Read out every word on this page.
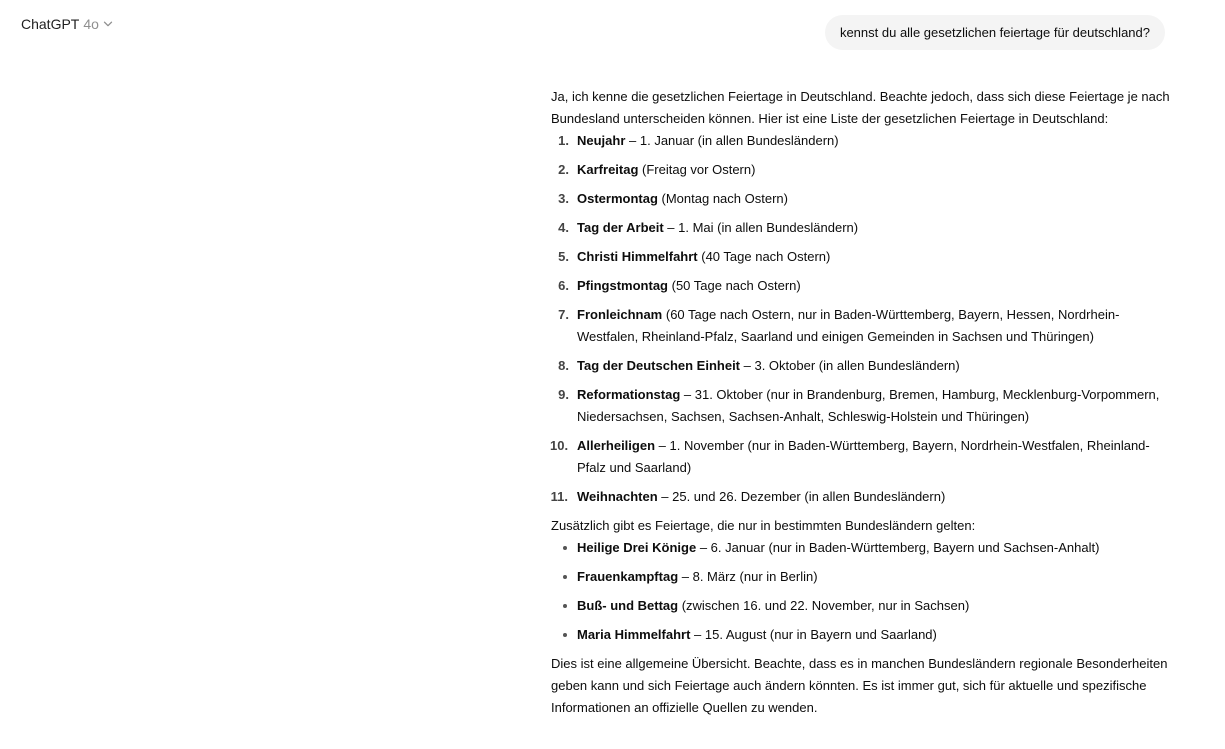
ChatGPT 4o
kennst du alle gesetzlichen feiertage für deutschland?

Ja, ich kenne die gesetzlichen Feiertage in Deutschland. Beachte jedoch, dass sich diese Feiertage je nach Bundesland unterscheiden können. Hier ist eine Liste der gesetzlichen Feiertage in Deutschland:

1. Neujahr – 1. Januar (in allen Bundesländern)
2. Karfreitag (Freitag vor Ostern)
3. Ostermontag (Montag nach Ostern)
4. Tag der Arbeit – 1. Mai (in allen Bundesländern)
5. Christi Himmelfahrt (40 Tage nach Ostern)
6. Pfingstmontag (50 Tage nach Ostern)
7. Fronleichnam (60 Tage nach Ostern, nur in Baden-Württemberg, Bayern, Hessen, Nordrhein-Westfalen, Rheinland-Pfalz, Saarland und einigen Gemeinden in Sachsen und Thüringen)
8. Tag der Deutschen Einheit – 3. Oktober (in allen Bundesländern)
9. Reformationstag – 31. Oktober (nur in Brandenburg, Bremen, Hamburg, Mecklenburg-Vorpommern, Niedersachsen, Sachsen, Sachsen-Anhalt, Schleswig-Holstein und Thüringen)
10. Allerheiligen – 1. November (nur in Baden-Württemberg, Bayern, Nordrhein-Westfalen, Rheinland-Pfalz und Saarland)
11. Weihnachten – 25. und 26. Dezember (in allen Bundesländern)

Zusätzlich gibt es Feiertage, die nur in bestimmten Bundesländern gelten:

Heilige Drei Könige – 6. Januar (nur in Baden-Württemberg, Bayern und Sachsen-Anhalt)
Frauenkampftag – 8. März (nur in Berlin)
Buß- und Bettag (zwischen 16. und 22. November, nur in Sachsen)
Maria Himmelfahrt – 15. August (nur in Bayern und Saarland)

Dies ist eine allgemeine Übersicht. Beachte, dass es in manchen Bundesländern regionale Besonderheiten geben kann und sich Feiertage auch ändern könnten. Es ist immer gut, sich für aktuelle und spezifische Informationen an offizielle Quellen zu wenden.
